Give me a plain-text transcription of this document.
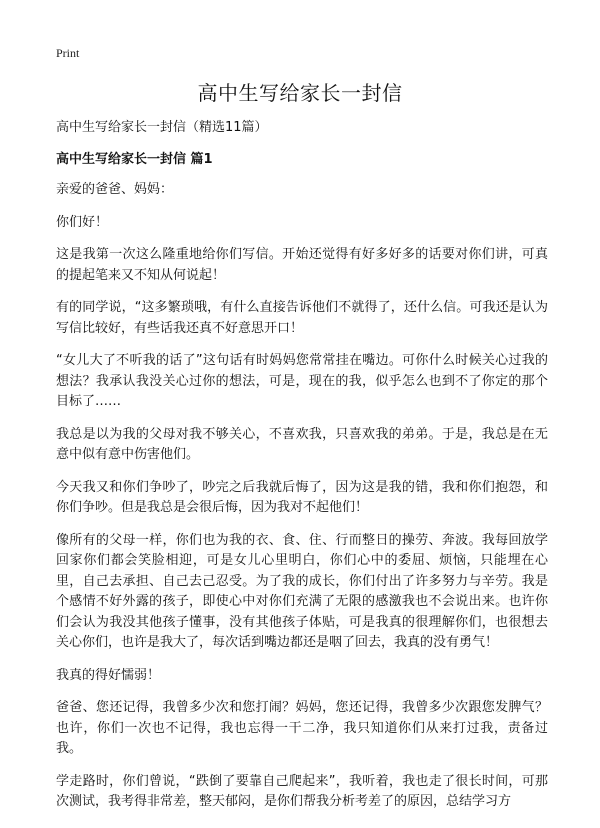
Print
高中生写给家长一封信
高中生写给家长一封信（精选11篇）
高中生写给家长一封信 篇1

亲爱的爸爸、妈妈：

你们好！

这是我第一次这么隆重地给你们写信。开始还觉得有好多好多的话要对你们讲，可真的提起笔来又不知从何说起！

有的同学说，“这多繁琐哦，有什么直接告诉他们不就得了，还什么信。可我还是认为写信比较好，有些话我还真不好意思开口！

“女儿大了不听我的话了”这句话有时妈妈您常常挂在嘴边。可你什么时候关心过我的想法？我承认我没关心过你的想法，可是，现在的我，似乎怎么也到不了你定的那个目标了……

我总是以为我的父母对我不够关心，不喜欢我，只喜欢我的弟弟。于是，我总是在无意中似有意中伤害他们。

今天我又和你们争吵了，吵完之后我就后悔了，因为这是我的错，我和你们抱怨，和你们争吵。但是我总是会很后悔，因为我对不起他们！

像所有的父母一样，你们也为我的衣、食、住、行而整日的操劳、奔波。我每回放学回家你们都会笑脸相迎，可是女儿心里明白，你们心中的委屈、烦恼，只能埋在心里，自己去承担、自己去己忍受。为了我的成长，你们付出了许多努力与辛劳。我是个感情不好外露的孩子，即使心中对你们充满了无限的感激我也不会说出来。也许你们会认为我没其他孩子懂事，没有其他孩子体贴，可是我真的很理解你们，也很想去关心你们，也许是我大了，每次话到嘴边都还是咽了回去，我真的没有勇气！

我真的得好懦弱！

爸爸、您还记得，我曾多少次和您打闹？妈妈，您还记得，我曾多少次跟您发脾气？也许，你们一次也不记得，我也忘得一干二净，我只知道你们从来打过我，责备过我。

学走路时，你们曾说，“跌倒了要靠自己爬起来”，我听着，我也走了很长时间，可那次测试，我考得非常差，整天郁闷，是你们帮我分析考差了的原因，总结学习方
